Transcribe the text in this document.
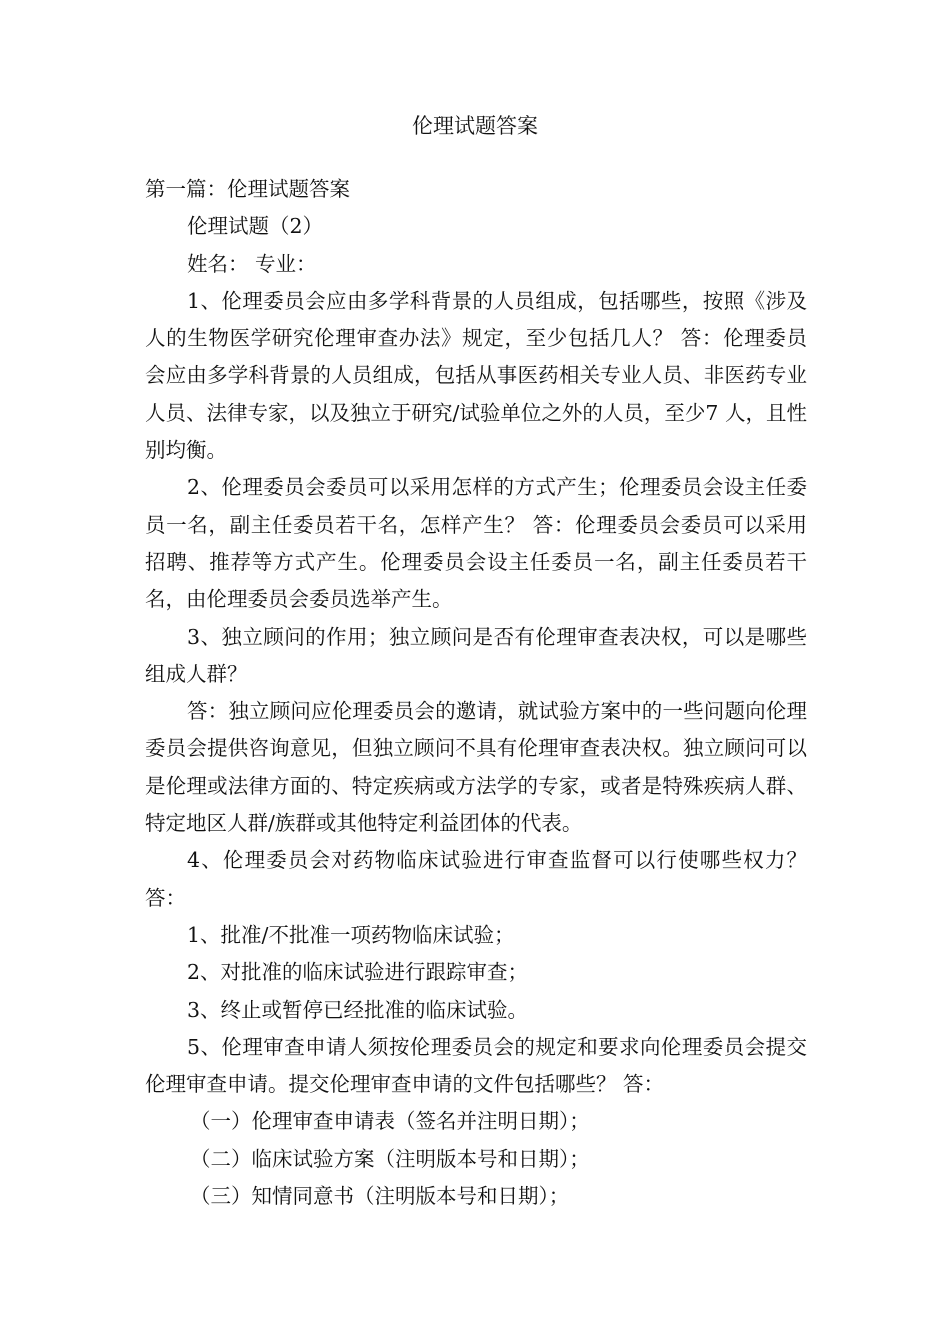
伦理试题答案

第一篇：伦理试题答案

伦理试题（2）

姓名： 专业：

1、伦理委员会应由多学科背景的人员组成，包括哪些，按照《涉及人的生物医学研究伦理审查办法》规定，至少包括几人？ 答：伦理委员会应由多学科背景的人员组成，包括从事医药相关专业人员、非医药专业人员、法律专家，以及独立于研究/试验单位之外的人员，至少7 人，且性别均衡。

2、伦理委员会委员可以采用怎样的方式产生；伦理委员会设主任委员一名，副主任委员若干名，怎样产生？ 答：伦理委员会委员可以采用招聘、推荐等方式产生。伦理委员会设主任委员一名，副主任委员若干名，由伦理委员会委员选举产生。

3、独立顾问的作用；独立顾问是否有伦理审查表决权，可以是哪些组成人群？

答：独立顾问应伦理委员会的邀请，就试验方案中的一些问题向伦理委员会提供咨询意见，但独立顾问不具有伦理审查表决权。独立顾问可以是伦理或法律方面的、特定疾病或方法学的专家，或者是特殊疾病人群、特定地区人群/族群或其他特定利益团体的代表。

4、伦理委员会对药物临床试验进行审查监督可以行使哪些权力？ 答：

1、批准/不批准一项药物临床试验；

2、对批准的临床试验进行跟踪审查；

3、终止或暂停已经批准的临床试验。

5、伦理审查申请人须按伦理委员会的规定和要求向伦理委员会提交伦理审查申请。提交伦理审查申请的文件包括哪些？ 答：

（一）伦理审查申请表（签名并注明日期）；

（二）临床试验方案（注明版本号和日期）；

（三）知情同意书（注明版本号和日期）；
